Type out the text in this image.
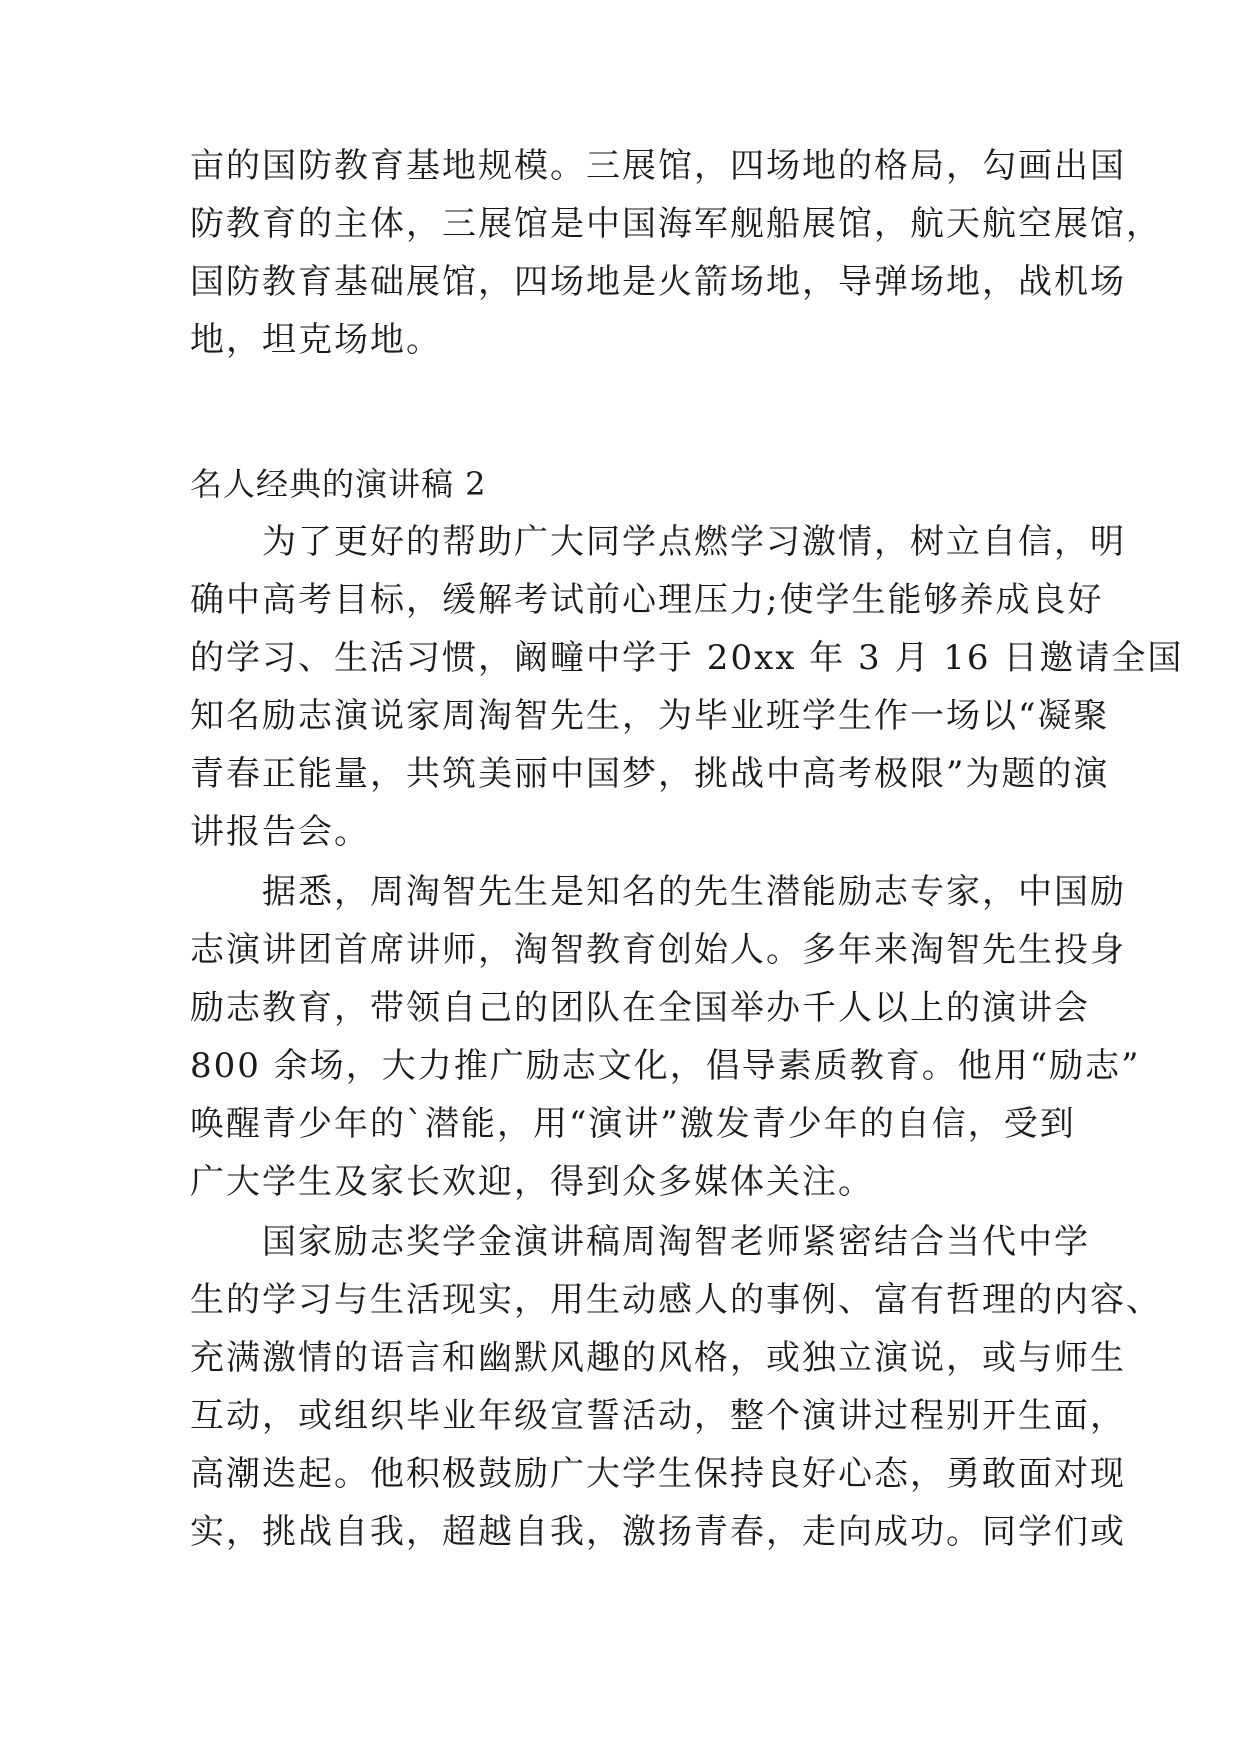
亩的国防教育基地规模。三展馆，四场地的格局，勾画出国
防教育的主体，三展馆是中国海军舰船展馆，航天航空展馆，
国防教育基础展馆，四场地是火箭场地，导弹场地，战机场
地，坦克场地。
名人经典的演讲稿 2
　　为了更好的帮助广大同学点燃学习激情，树立自信，明
确中高考目标，缓解考试前心理压力;使学生能够养成良好
的学习、生活习惯，阚疃中学于 20xx 年 3 月 16 日邀请全国
知名励志演说家周淘智先生，为毕业班学生作一场以“凝聚
青春正能量，共筑美丽中国梦，挑战中高考极限”为题的演
讲报告会。
　　据悉，周淘智先生是知名的先生潜能励志专家，中国励
志演讲团首席讲师，淘智教育创始人。多年来淘智先生投身
励志教育，带领自己的团队在全国举办千人以上的演讲会
800 余场，大力推广励志文化，倡导素质教育。他用“励志”
唤醒青少年的`潜能，用“演讲”激发青少年的自信，受到
广大学生及家长欢迎，得到众多媒体关注。
　　国家励志奖学金演讲稿周淘智老师紧密结合当代中学
生的学习与生活现实，用生动感人的事例、富有哲理的内容、
充满激情的语言和幽默风趣的风格，或独立演说，或与师生
互动，或组织毕业年级宣誓活动，整个演讲过程别开生面，
高潮迭起。他积极鼓励广大学生保持良好心态，勇敢面对现
实，挑战自我，超越自我，激扬青春，走向成功。同学们或
